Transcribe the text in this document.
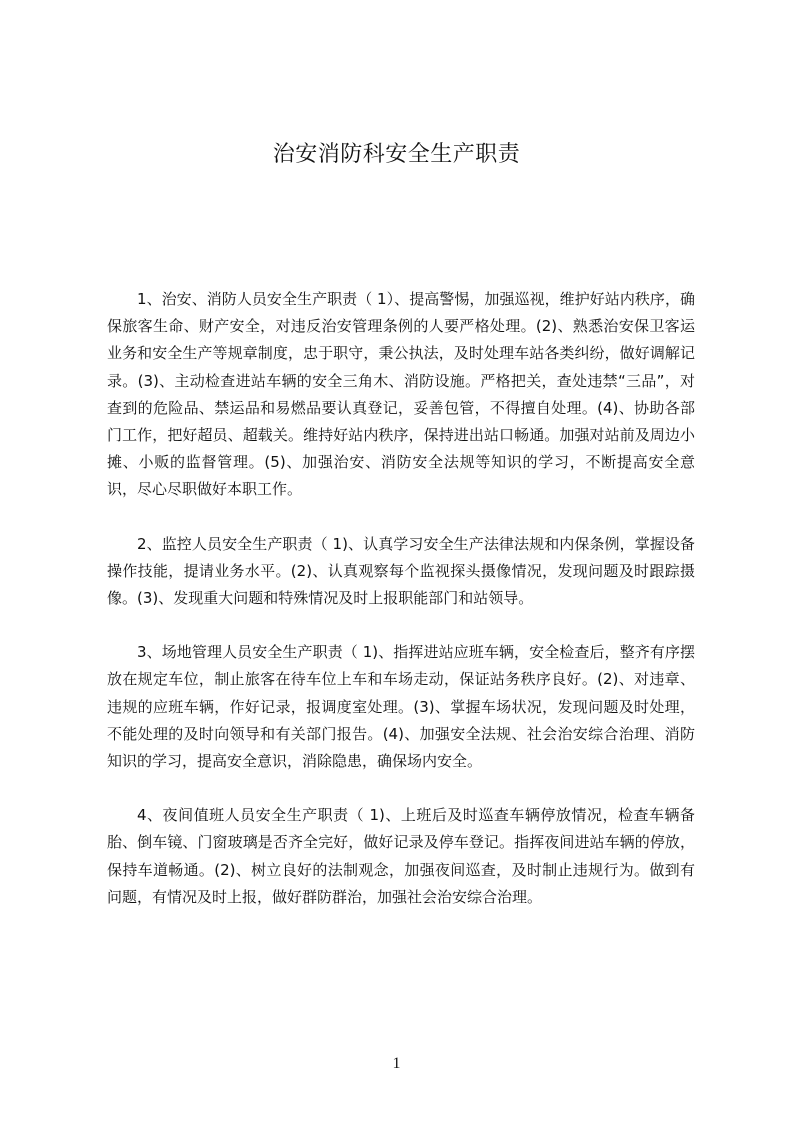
治安消防科安全生产职责

1、治安、消防人员安全生产职责（ 1）、提高警惕，加强巡视，维护好站内秩序，确保旅客生命、财产安全，对违反治安管理条例的人要严格处理。(2)、熟悉治安保卫客运业务和安全生产等规章制度，忠于职守，秉公执法，及时处理车站各类纠纷，做好调解记录。(3)、主动检查进站车辆的安全三角木、消防设施。严格把关，查处违禁“三品”，对查到的危险品、禁运品和易燃品要认真登记，妥善包管，不得擅自处理。(4)、协助各部门工作，把好超员、超载关。维持好站内秩序，保持进出站口畅通。加强对站前及周边小摊、小贩的监督管理。(5)、加强治安、消防安全法规等知识的学习，不断提高安全意识，尽心尽职做好本职工作。

2、监控人员安全生产职责（ 1)、认真学习安全生产法律法规和内保条例，掌握设备操作技能，提请业务水平。(2)、认真观察每个监视探头摄像情况，发现问题及时跟踪摄像。(3)、发现重大问题和特殊情况及时上报职能部门和站领导。

3、场地管理人员安全生产职责（ 1)、指挥进站应班车辆，安全检查后，整齐有序摆放在规定车位，制止旅客在待车位上车和车场走动，保证站务秩序良好。(2)、对违章、违规的应班车辆，作好记录，报调度室处理。(3)、掌握车场状况，发现问题及时处理，不能处理的及时向领导和有关部门报告。(4)、加强安全法规、社会治安综合治理、消防知识的学习，提高安全意识，消除隐患，确保场内安全。

4、夜间值班人员安全生产职责（ 1)、上班后及时巡查车辆停放情况，检查车辆备胎、倒车镜、门窗玻璃是否齐全完好，做好记录及停车登记。指挥夜间进站车辆的停放，保持车道畅通。(2)、树立良好的法制观念，加强夜间巡查，及时制止违规行为。做到有问题，有情况及时上报，做好群防群治，加强社会治安综合治理。

1
